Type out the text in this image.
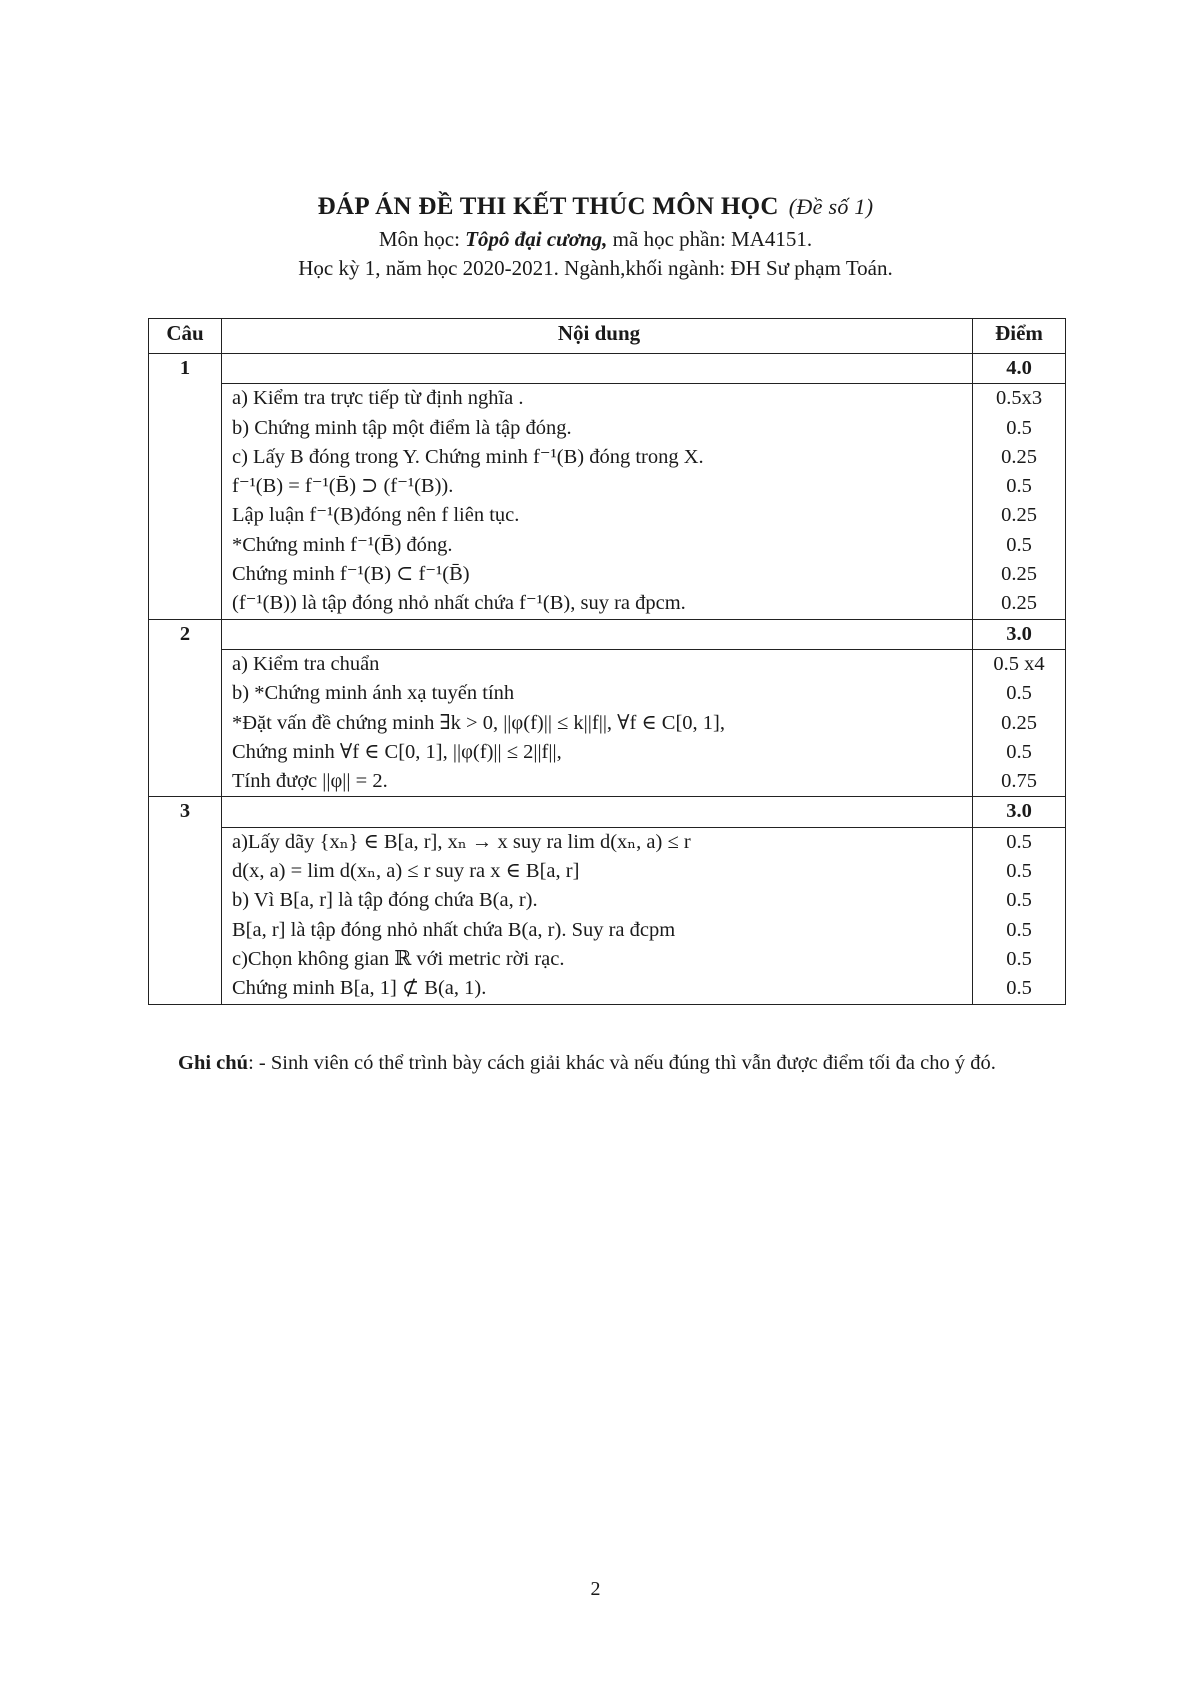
ĐÁP ÁN ĐỀ THI KẾT THÚC MÔN HỌC (Đề số 1)
Môn học: Tôpô đại cương, mã học phần: MA4151.
Học kỳ 1, năm học 2020-2021. Ngành,khối ngành: ĐH Sư phạm Toán.
Câu	Nội dung	Điểm
1		4.0
	a) Kiểm tra trực tiếp từ định nghĩa .	0.5x3
	b) Chứng minh tập một điểm là tập đóng.	0.5
	c) Lấy B đóng trong Y. Chứng minh f⁻¹(B) đóng trong X.	0.25
	f⁻¹(B) = f⁻¹(B̄) ⊃ (f⁻¹(B)).	0.5
	Lập luận f⁻¹(B)đóng nên f liên tục.	0.25
	*Chứng minh f⁻¹(B̄) đóng.	0.5
	Chứng minh f⁻¹(B) ⊂ f⁻¹(B̄)	0.25
	(f⁻¹(B)) là tập đóng nhỏ nhất chứa f⁻¹(B), suy ra đpcm.	0.25
2		3.0
	a) Kiểm tra chuẩn	0.5 x4
	b) *Chứng minh ánh xạ tuyến tính	0.5
	*Đặt vấn đề chứng minh ∃k > 0, ||φ(f)|| ≤ k||f||, ∀f ∈ C[0, 1],	0.25
	Chứng minh ∀f ∈ C[0, 1], ||φ(f)|| ≤ 2||f||,	0.5
	Tính được ||φ|| = 2.	0.75
3		3.0
	a)Lấy dãy {xₙ} ∈ B[a, r], xₙ → x suy ra lim d(xₙ, a) ≤ r	0.5
	d(x, a) = lim d(xₙ, a) ≤ r suy ra x ∈ B[a, r]	0.5
	b) Vì B[a, r] là tập đóng chứa B(a, r).	0.5
	B[a, r] là tập đóng nhỏ nhất chứa B(a, r). Suy ra đcpm	0.5
	c)Chọn không gian ℝ với metric rời rạc.	0.5
	Chứng minh B[a, 1] ⊄ B(a, 1).	0.5
Ghi chú: - Sinh viên có thể trình bày cách giải khác và nếu đúng thì vẫn được điểm tối đa cho ý đó.
2
